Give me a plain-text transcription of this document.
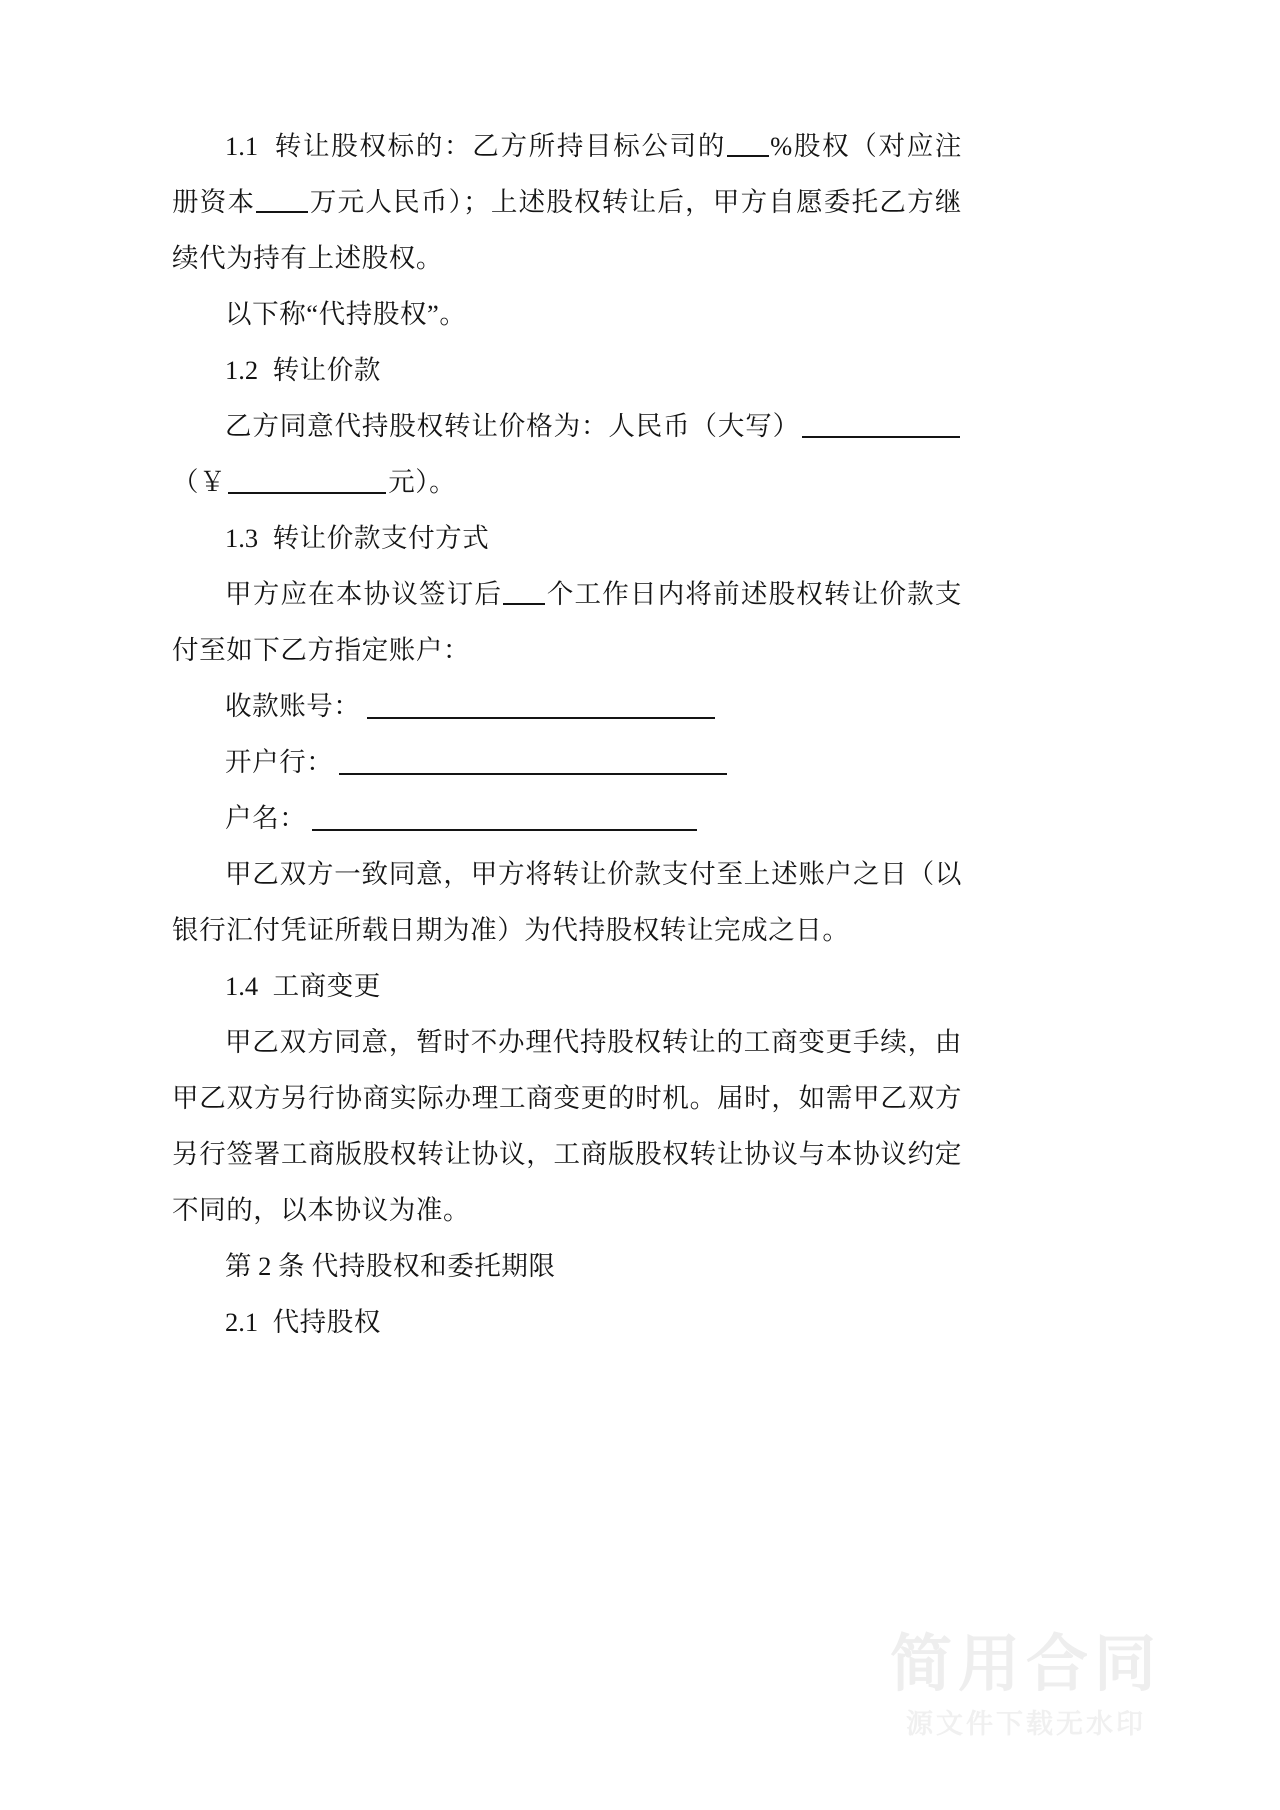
1.1 转让股权标的：乙方所持目标公司的 %股权（对应注册资本 万元人民币）；上述股权转让后，甲方自愿委托乙方继续代为持有上述股权。

以下称“代持股权”。

1.2 转让价款

乙方同意代持股权转让价格为：人民币（大写）（￥	元）。

1.3 转让价款支付方式

甲方应在本协议签订后 个工作日内将前述股权转让价款支付至如下乙方指定账户：

收款账号：
开户行：
户名：

甲乙双方一致同意，甲方将转让价款支付至上述账户之日（以银行汇付凭证所载日期为准）为代持股权转让完成之日。

1.4 工商变更

甲乙双方同意，暂时不办理代持股权转让的工商变更手续，由甲乙双方另行协商实际办理工商变更的时机。届时，如需甲乙双方另行签署工商版股权转让协议，工商版股权转让协议与本协议约定不同的，以本协议为准。

第 2 条 代持股权和委托期限

2.1 代持股权

简用合同
源文件下载无水印
